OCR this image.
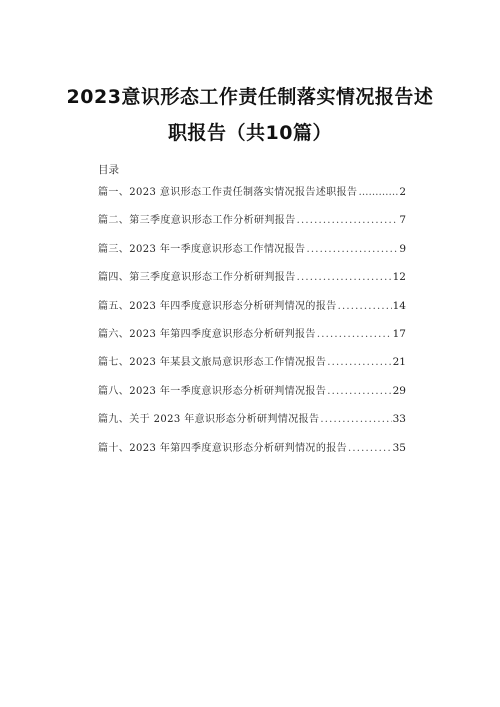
2023意识形态工作责任制落实情况报告述
职报告（共10篇）
目录
篇一、2023 意识形态工作责任制落实情况报告述职报告 ………………………………	2
篇二、第三季度意识形态工作分析研判报告 .....	7
篇三、2023 年一季度意识形态工作情况报告 .....	9
篇四、第三季度意识形态工作分析研判报告 .....	12
篇五、2023 年四季度意识形态分析研判情况的报告 .....	14
篇六、2023 年第四季度意识形态分析研判报告 .....	17
篇七、2023 年某县文旅局意识形态工作情况报告 .....	21
篇八、2023 年一季度意识形态分析研判情况报告 .....	29
篇九、关于 2023 年意识形态分析研判情况报告 .....	33
篇十、2023 年第四季度意识形态分析研判情况的报告 .....	35
